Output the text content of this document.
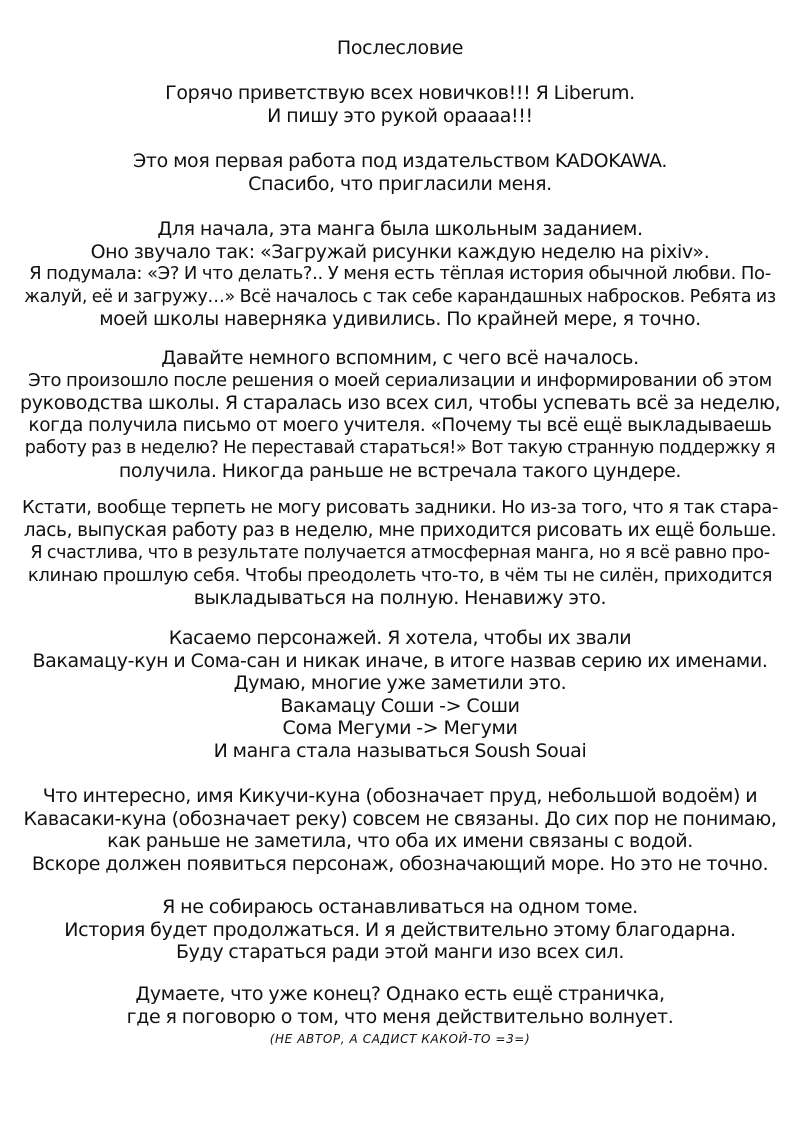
Послесловие
Горячо приветствую всех новичков!!! Я Liberum.
И пишу это рукой ораааа!!!
Это моя первая работа под издательством KADOKAWA.
Спасибо, что пригласили меня.
Для начала, эта манга была школьным заданием.
Оно звучало так: «Загружай рисунки каждую неделю на pixiv».
Я подумала: «Э? И что делать?.. У меня есть тёплая история обычной любви. По-
жалуй, её и загружу…» Всё началось с так себе карандашных набросков. Ребята из
моей школы наверняка удивились. По крайней мере, я точно.
Давайте немного вспомним, с чего всё началось.
Это произошло после решения о моей сериализации и информировании об этом
руководства школы. Я старалась изо всех сил, чтобы успевать всё за неделю,
когда получила письмо от моего учителя. «Почему ты всё ещё выкладываешь
работу раз в неделю? Не переставай стараться!» Вот такую странную поддержку я
получила. Никогда раньше не встречала такого цундере.
Кстати, вообще терпеть не могу рисовать задники. Но из-за того, что я так стара-
лась, выпуская работу раз в неделю, мне приходится рисовать их ещё больше.
Я счастлива, что в результате получается атмосферная манга, но я всё равно про-
клинаю прошлую себя. Чтобы преодолеть что-то, в чём ты не силён, приходится
выкладываться на полную. Ненавижу это.
Касаемо персонажей. Я хотела, чтобы их звали
Вакамацу-кун и Сома-сан и никак иначе, в итоге назвав серию их именами.
Думаю, многие уже заметили это.
Вакамацу Соши -> Соши
Сома Мегуми -> Мегуми
И манга стала называться Soush Souai
Что интересно, имя Кикучи-куна (обозначает пруд, небольшой водоём) и
Кавасаки-куна (обозначает реку) совсем не связаны. До сих пор не понимаю,
как раньше не заметила, что оба их имени связаны с водой.
Вскоре должен появиться персонаж, обозначающий море. Но это не точно.
Я не собираюсь останавливаться на одном томе.
История будет продолжаться. И я действительно этому благодарна.
Буду стараться ради этой манги изо всех сил.
Думаете, что уже конец? Однако есть ещё страничка,
где я поговорю о том, что меня действительно волнует.
(НЕ АВТОР, А САДИСТ КАКОЙ-ТО =3=)
